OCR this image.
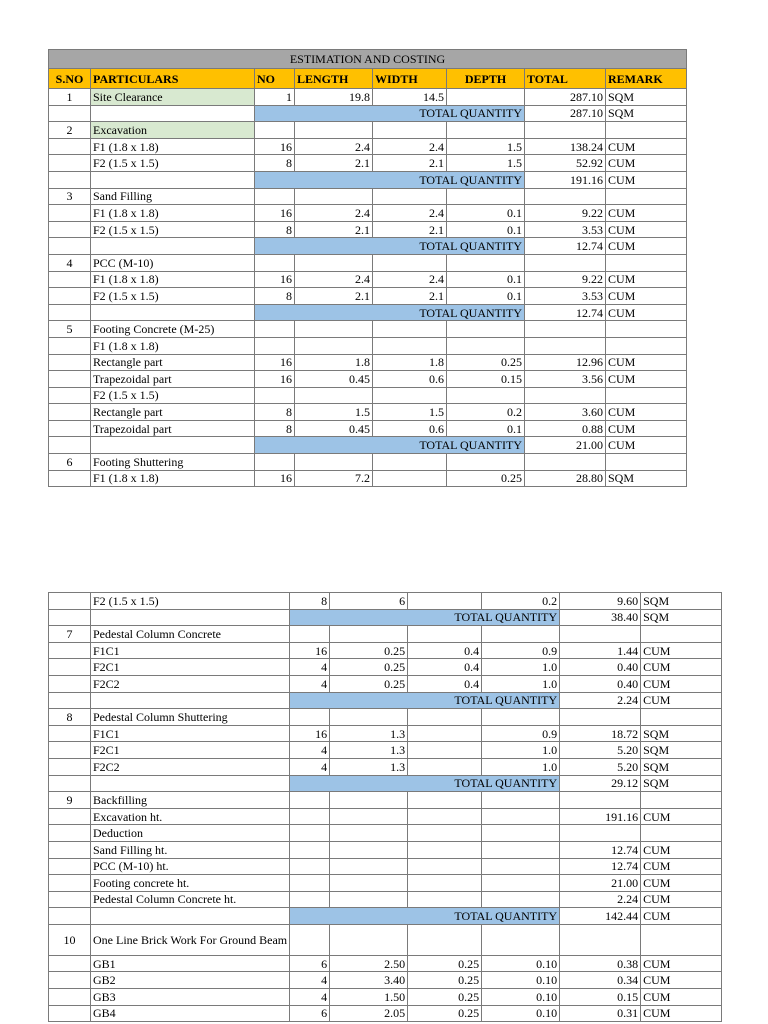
ESTIMATION AND COSTING							
S.NO	PARTICULARS	NO	LENGTH	WIDTH	DEPTH	TOTAL	REMARK
1	Site Clearance	1	19.8	14.5		287.10	SQM
		TOTAL QUANTITY				287.10	SQM
2	Excavation						
	F1 (1.8 x 1.8)	16	2.4	2.4	1.5	138.24	CUM
	F2 (1.5 x 1.5)	8	2.1	2.1	1.5	52.92	CUM
		TOTAL QUANTITY				191.16	CUM
3	Sand Filling						
	F1 (1.8 x 1.8)	16	2.4	2.4	0.1	9.22	CUM
	F2 (1.5 x 1.5)	8	2.1	2.1	0.1	3.53	CUM
		TOTAL QUANTITY				12.74	CUM
4	PCC (M-10)						
	F1 (1.8 x 1.8)	16	2.4	2.4	0.1	9.22	CUM
	F2 (1.5 x 1.5)	8	2.1	2.1	0.1	3.53	CUM
		TOTAL QUANTITY				12.74	CUM
5	Footing Concrete (M-25)						
	F1 (1.8 x 1.8)						
	Rectangle part	16	1.8	1.8	0.25	12.96	CUM
	Trapezoidal part	16	0.45	0.6	0.15	3.56	CUM
	F2 (1.5 x 1.5)						
	Rectangle part	8	1.5	1.5	0.2	3.60	CUM
	Trapezoidal part	8	0.45	0.6	0.1	0.88	CUM
		TOTAL QUANTITY				21.00	CUM
6	Footing Shuttering						
	F1 (1.8 x 1.8)	16	7.2		0.25	28.80	SQM
	F2 (1.5 x 1.5)	8	6		0.2	9.60	SQM
		TOTAL QUANTITY				38.40	SQM
7	Pedestal Column Concrete						
	F1C1	16	0.25	0.4	0.9	1.44	CUM
	F2C1	4	0.25	0.4	1.0	0.40	CUM
	F2C2	4	0.25	0.4	1.0	0.40	CUM
		TOTAL QUANTITY				2.24	CUM
8	Pedestal Column Shuttering						
	F1C1	16	1.3		0.9	18.72	SQM
	F2C1	4	1.3		1.0	5.20	SQM
	F2C2	4	1.3		1.0	5.20	SQM
		TOTAL QUANTITY				29.12	SQM
9	Backfilling						
	Excavation ht.					191.16	CUM
	Deduction						
	Sand Filling ht.					12.74	CUM
	PCC (M-10) ht.					12.74	CUM
	Footing concrete ht.					21.00	CUM
	Pedestal Column Concrete ht.					2.24	CUM
		TOTAL QUANTITY				142.44	CUM
10	One Line Brick Work For Ground Beam						
	GB1	6	2.50	0.25	0.10	0.38	CUM
	GB2	4	3.40	0.25	0.10	0.34	CUM
	GB3	4	1.50	0.25	0.10	0.15	CUM
	GB4	6	2.05	0.25	0.10	0.31	CUM
